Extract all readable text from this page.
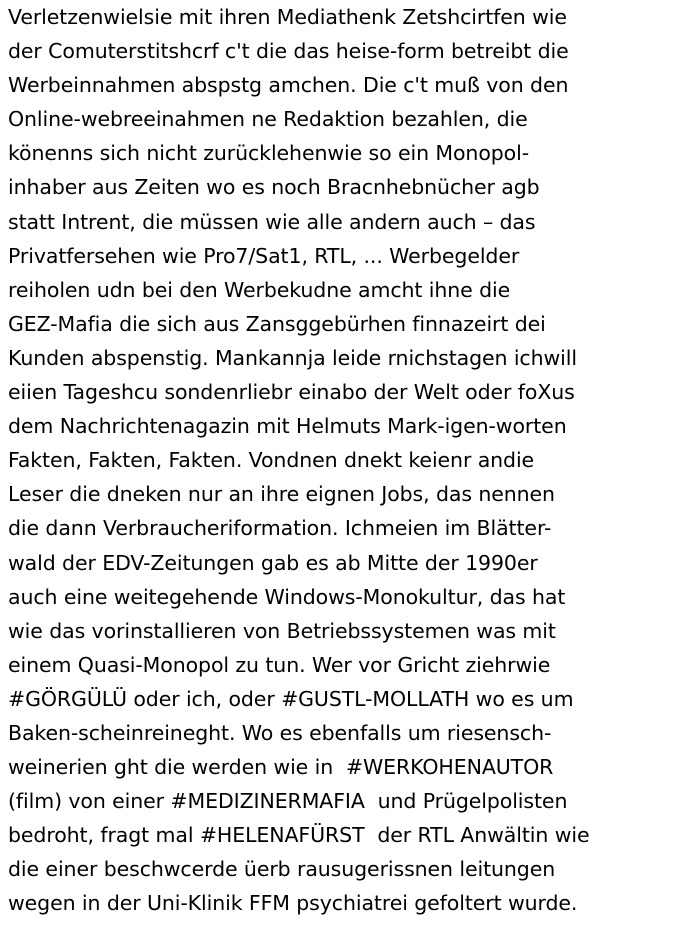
Verletzenwielsie mit ihren Mediathenk Zetshcirtfen wie
der Comuterstitshcrf c't die das heise-form betreibt die
Werbeinnahmen abspstg amchen. Die c't muß von den
Online-webreeinahmen ne Redaktion bezahlen, die
könenns sich nicht zurücklehenwie so ein Monopol-
inhaber aus Zeiten wo es noch Bracnhebnücher agb
statt Intrent, die müssen wie alle andern auch – das
Privatfersehen wie Pro7/Sat1, RTL, ... Werbegelder
reiholen udn bei den Werbekudne amcht ihne die
GEZ-Mafia die sich aus Zansggebürhen finnazeirt dei
Kunden abspenstig. Mankannja leide rnichstagen ichwill
eiien Tageshcu sondenrliebr einabo der Welt oder foXus
dem Nachrichtenagazin mit Helmuts Mark-igen-worten
Fakten, Fakten, Fakten. Vondnen dnekt keienr andie
Leser die dneken nur an ihre eignen Jobs, das nennen
die dann Verbraucheriformation. Ichmeien im Blätter-
wald der EDV-Zeitungen gab es ab Mitte der 1990er
auch eine weitegehende Windows-Monokultur, das hat
wie das vorinstallieren von Betriebssystemen was mit
einem Quasi-Monopol zu tun. Wer vor Gricht ziehrwie
#GÖRGÜLÜ oder ich, oder #GUSTL-MOLLATH wo es um
Baken-scheinreineght. Wo es ebenfalls um riesensch-
weinerien ght die werden wie in  #WERKOHENAUTOR
(film) von einer #MEDIZINERMAFIA  und Prügelpolisten
bedroht, fragt mal #HELENAFÜRST  der RTL Anwältin wie
die einer beschwcerde üerb rausugerissnen leitungen
wegen in der Uni-Klinik FFM psychiatrei gefoltert wurde.
